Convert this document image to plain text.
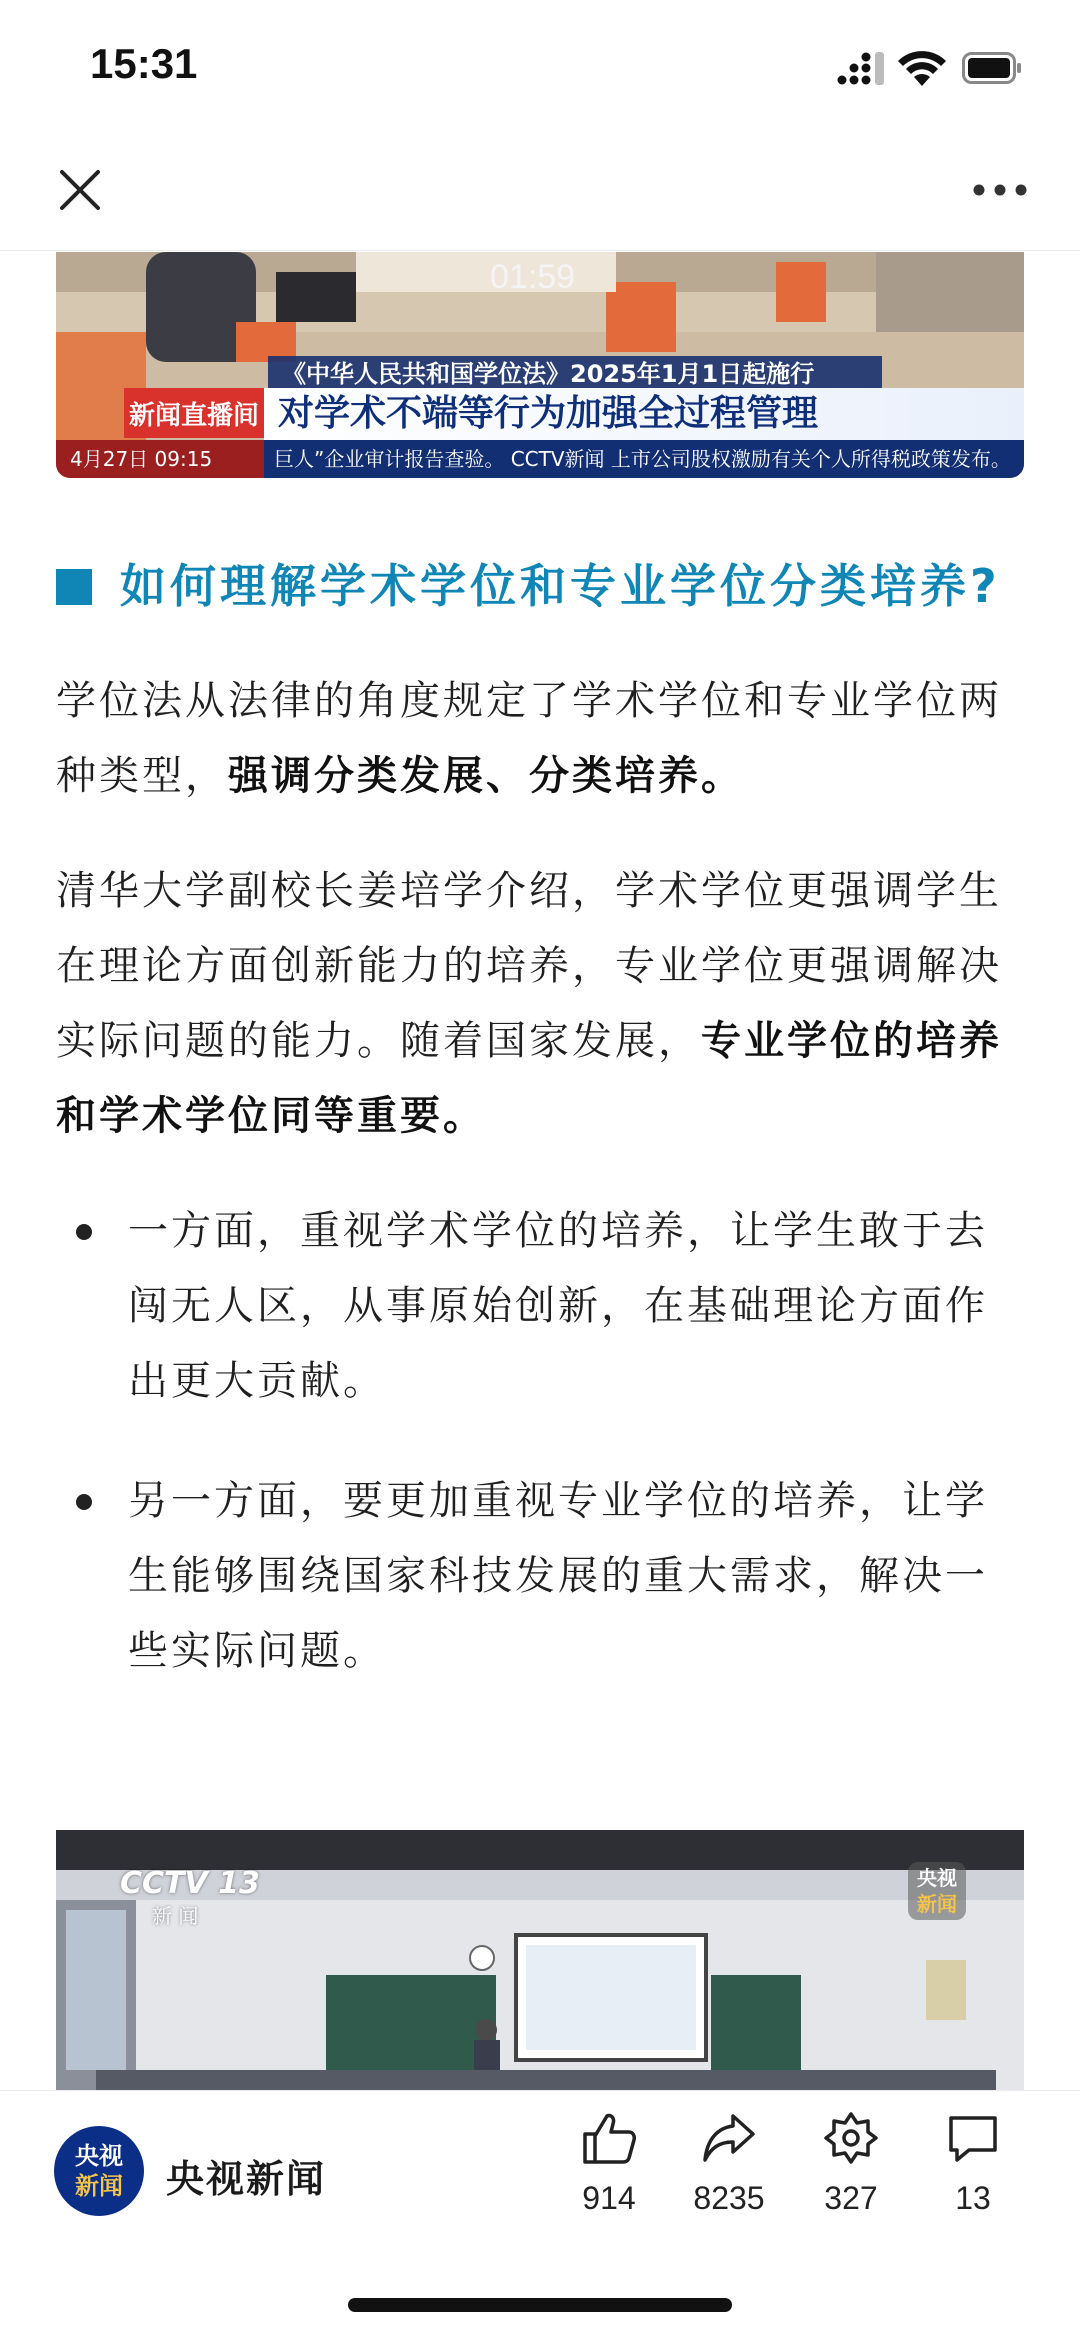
15:31
《中华人民共和国学位法》2025年1月1日起施行
新闻直播间 对学术不端等行为加强全过程管理
4月27日 09:15	巨人”企业审计报告查验。 CCTV新闻 上市公司股权激励有关个人所得税政策发布。
01:59
如何理解学术学位和专业学位分类培养?

学位法从法律的角度规定了学术学位和专业学位两种类型，强调分类发展、分类培养。

清华大学副校长姜培学介绍，学术学位更强调学生在理论方面创新能力的培养，专业学位更强调解决实际问题的能力。随着国家发展，专业学位的培养和学术学位同等重要。

一方面，重视学术学位的培养，让学生敢于去闯无人区，从事原始创新，在基础理论方面作出更大贡献。
另一方面，要更加重视专业学位的培养，让学生能够围绕国家科技发展的重大需求，解决一些实际问题。
CCTV 13
新 闻
央视
新闻
央视
新闻	央视新闻	914	8235	327	13
